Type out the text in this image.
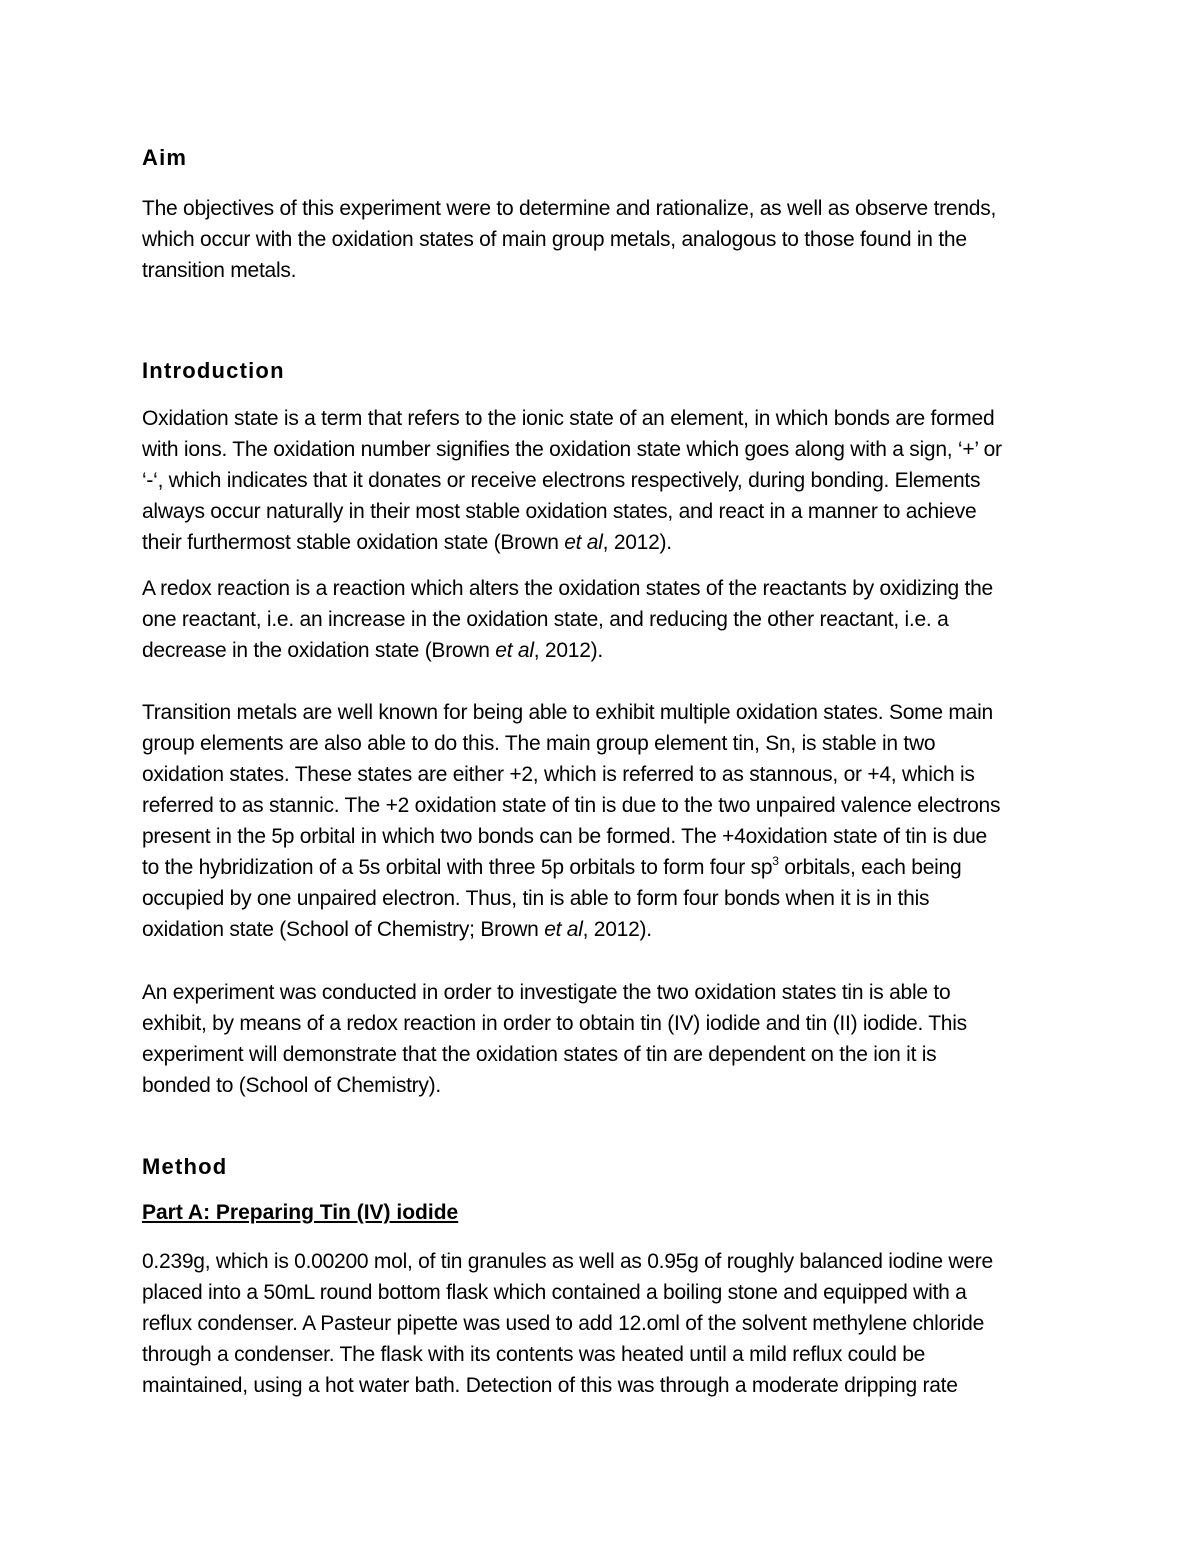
Aim
The objectives of this experiment were to determine and rationalize, as well as observe trends,
which occur with the oxidation states of main group metals, analogous to those found in the
transition metals.
Introduction
Oxidation state is a term that refers to the ionic state of an element, in which bonds are formed
with ions. The oxidation number signifies the oxidation state which goes along with a sign, ‘+’ or
‘-‘, which indicates that it donates or receive electrons respectively, during bonding. Elements
always occur naturally in their most stable oxidation states, and react in a manner to achieve
their furthermost stable oxidation state (Brown et al, 2012).
A redox reaction is a reaction which alters the oxidation states of the reactants by oxidizing the
one reactant, i.e. an increase in the oxidation state, and reducing the other reactant, i.e. a
decrease in the oxidation state (Brown et al, 2012).
Transition metals are well known for being able to exhibit multiple oxidation states. Some main
group elements are also able to do this. The main group element tin, Sn, is stable in two
oxidation states. These states are either +2, which is referred to as stannous, or +4, which is
referred to as stannic. The +2 oxidation state of tin is due to the two unpaired valence electrons
present in the 5p orbital in which two bonds can be formed. The +4oxidation state of tin is due
to the hybridization of a 5s orbital with three 5p orbitals to form four $sp^3$ orbitals, each being
occupied by one unpaired electron. Thus, tin is able to form four bonds when it is in this
oxidation state (School of Chemistry; Brown et al, 2012).
An experiment was conducted in order to investigate the two oxidation states tin is able to
exhibit, by means of a redox reaction in order to obtain tin (IV) iodide and tin (II) iodide. This
experiment will demonstrate that the oxidation states of tin are dependent on the ion it is
bonded to (School of Chemistry).
Method
Part A: Preparing Tin (IV) iodide
0.239g, which is 0.00200 mol, of tin granules as well as 0.95g of roughly balanced iodine were
placed into a 50mL round bottom flask which contained a boiling stone and equipped with a
reflux condenser. A Pasteur pipette was used to add 12.oml of the solvent methylene chloride
through a condenser. The flask with its contents was heated until a mild reflux could be
maintained, using a hot water bath. Detection of this was through a moderate dripping rate
